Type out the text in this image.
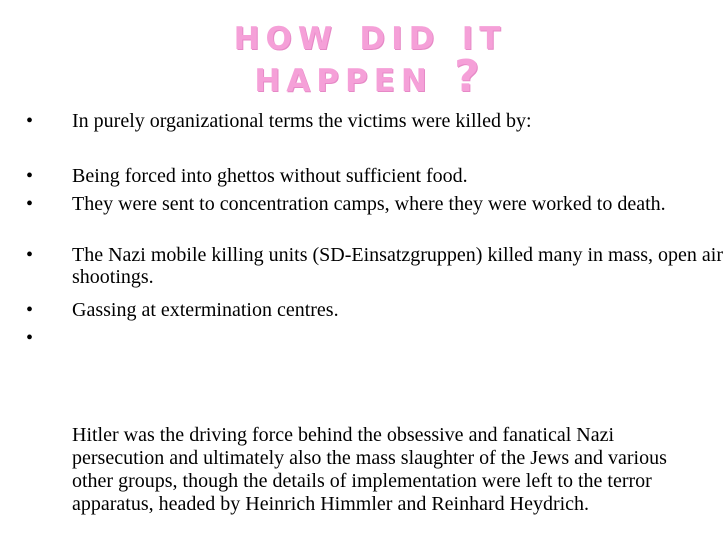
how did it
happen ?
• In purely organizational terms the victims were killed by:
• Being forced into ghettos without sufficient food.
• They were sent to concentration camps, where they were worked to death.
• The Nazi mobile killing units (SD-Einsatzgruppen) killed many in mass, open air shootings.
• Gassing at extermination centres.
•
Hitler was the driving force behind the obsessive and fanatical Nazi persecution and ultimately also the mass slaughter of the Jews and various other groups, though the details of implementation were left to the terror apparatus, headed by Heinrich Himmler and Reinhard Heydrich.
